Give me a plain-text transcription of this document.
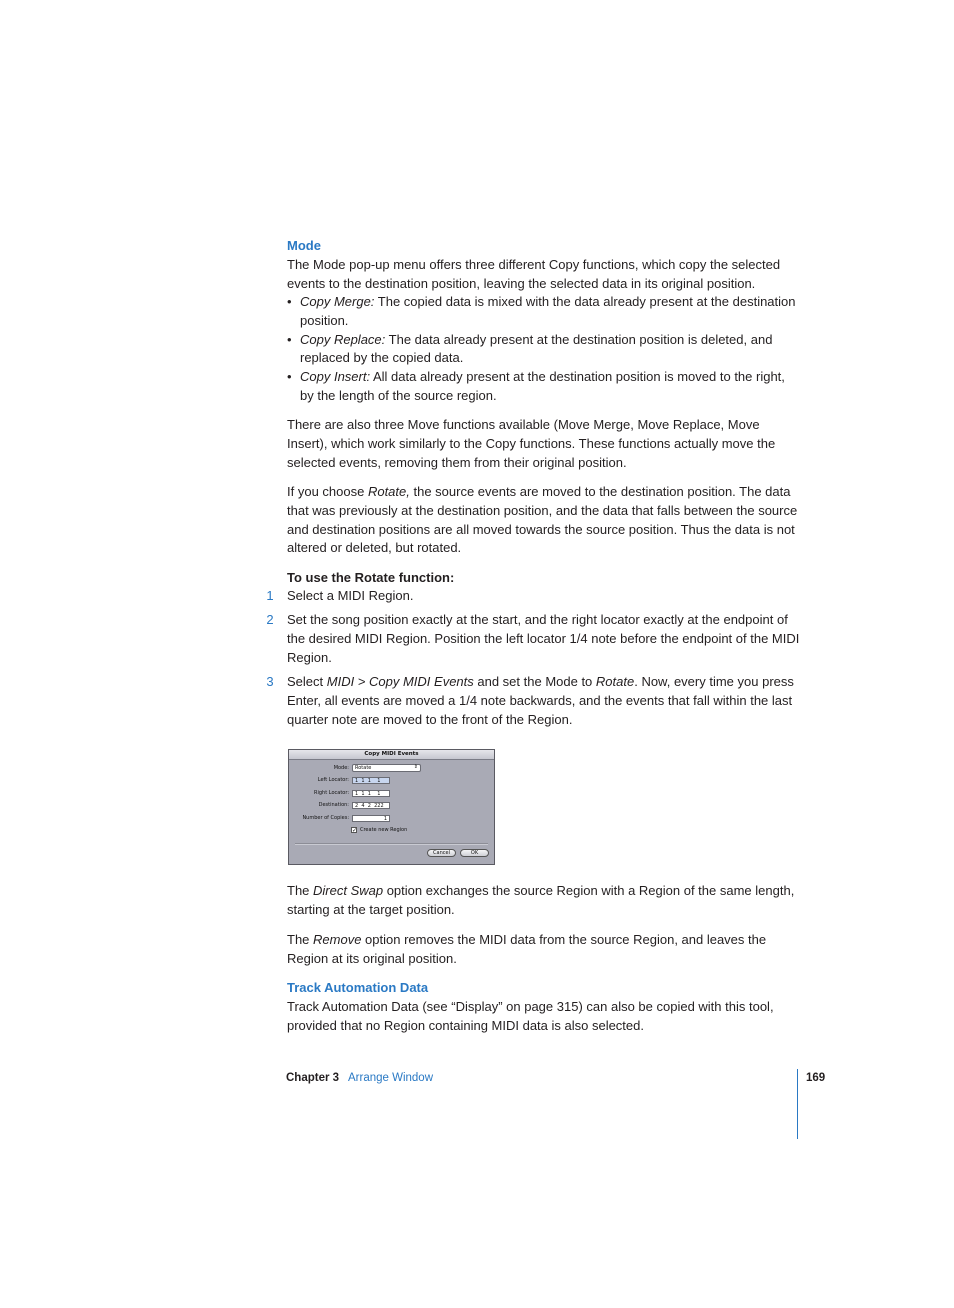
Mode

The Mode pop-up menu offers three different Copy functions, which copy the selected events to the destination position, leaving the selected data in its original position.

• Copy Merge: The copied data is mixed with the data already present at the destination position.
• Copy Replace: The data already present at the destination position is deleted, and replaced by the copied data.
• Copy Insert: All data already present at the destination position is moved to the right, by the length of the source region.

There are also three Move functions available (Move Merge, Move Replace, Move Insert), which work similarly to the Copy functions. These functions actually move the selected events, removing them from their original position.

If you choose Rotate, the source events are moved to the destination position. The data that was previously at the destination position, and the data that falls between the source and destination positions are all moved towards the source position. Thus the data is not altered or deleted, but rotated.

To use the Rotate function:

1	Select a MIDI Region.
2	Set the song position exactly at the start, and the right locator exactly at the endpoint of the desired MIDI Region. Position the left locator 1/4 note before the endpoint of the MIDI Region.
3	Select MIDI > Copy MIDI Events and set the Mode to Rotate. Now, every time you press Enter, all events are moved a 1/4 note backwards, and the events that fall within the last quarter note are moved to the front of the Region.
Copy MIDI Events
Mode:	Rotate	⇕
Left Locator:	1  1  1    1
Right Locator:	1  1  1    1
Destination:	2  4  2  222
Number of Copies:	1
✓ Create new Region
Cancel	OK

The Direct Swap option exchanges the source Region with a Region of the same length, starting at the target position.

The Remove option removes the MIDI data from the source Region, and leaves the Region at its original position.

Track Automation Data

Track Automation Data (see “Display” on page 315) can also be copied with this tool, provided that no Region containing MIDI data is also selected.

Chapter 3 Arrange Window	169
